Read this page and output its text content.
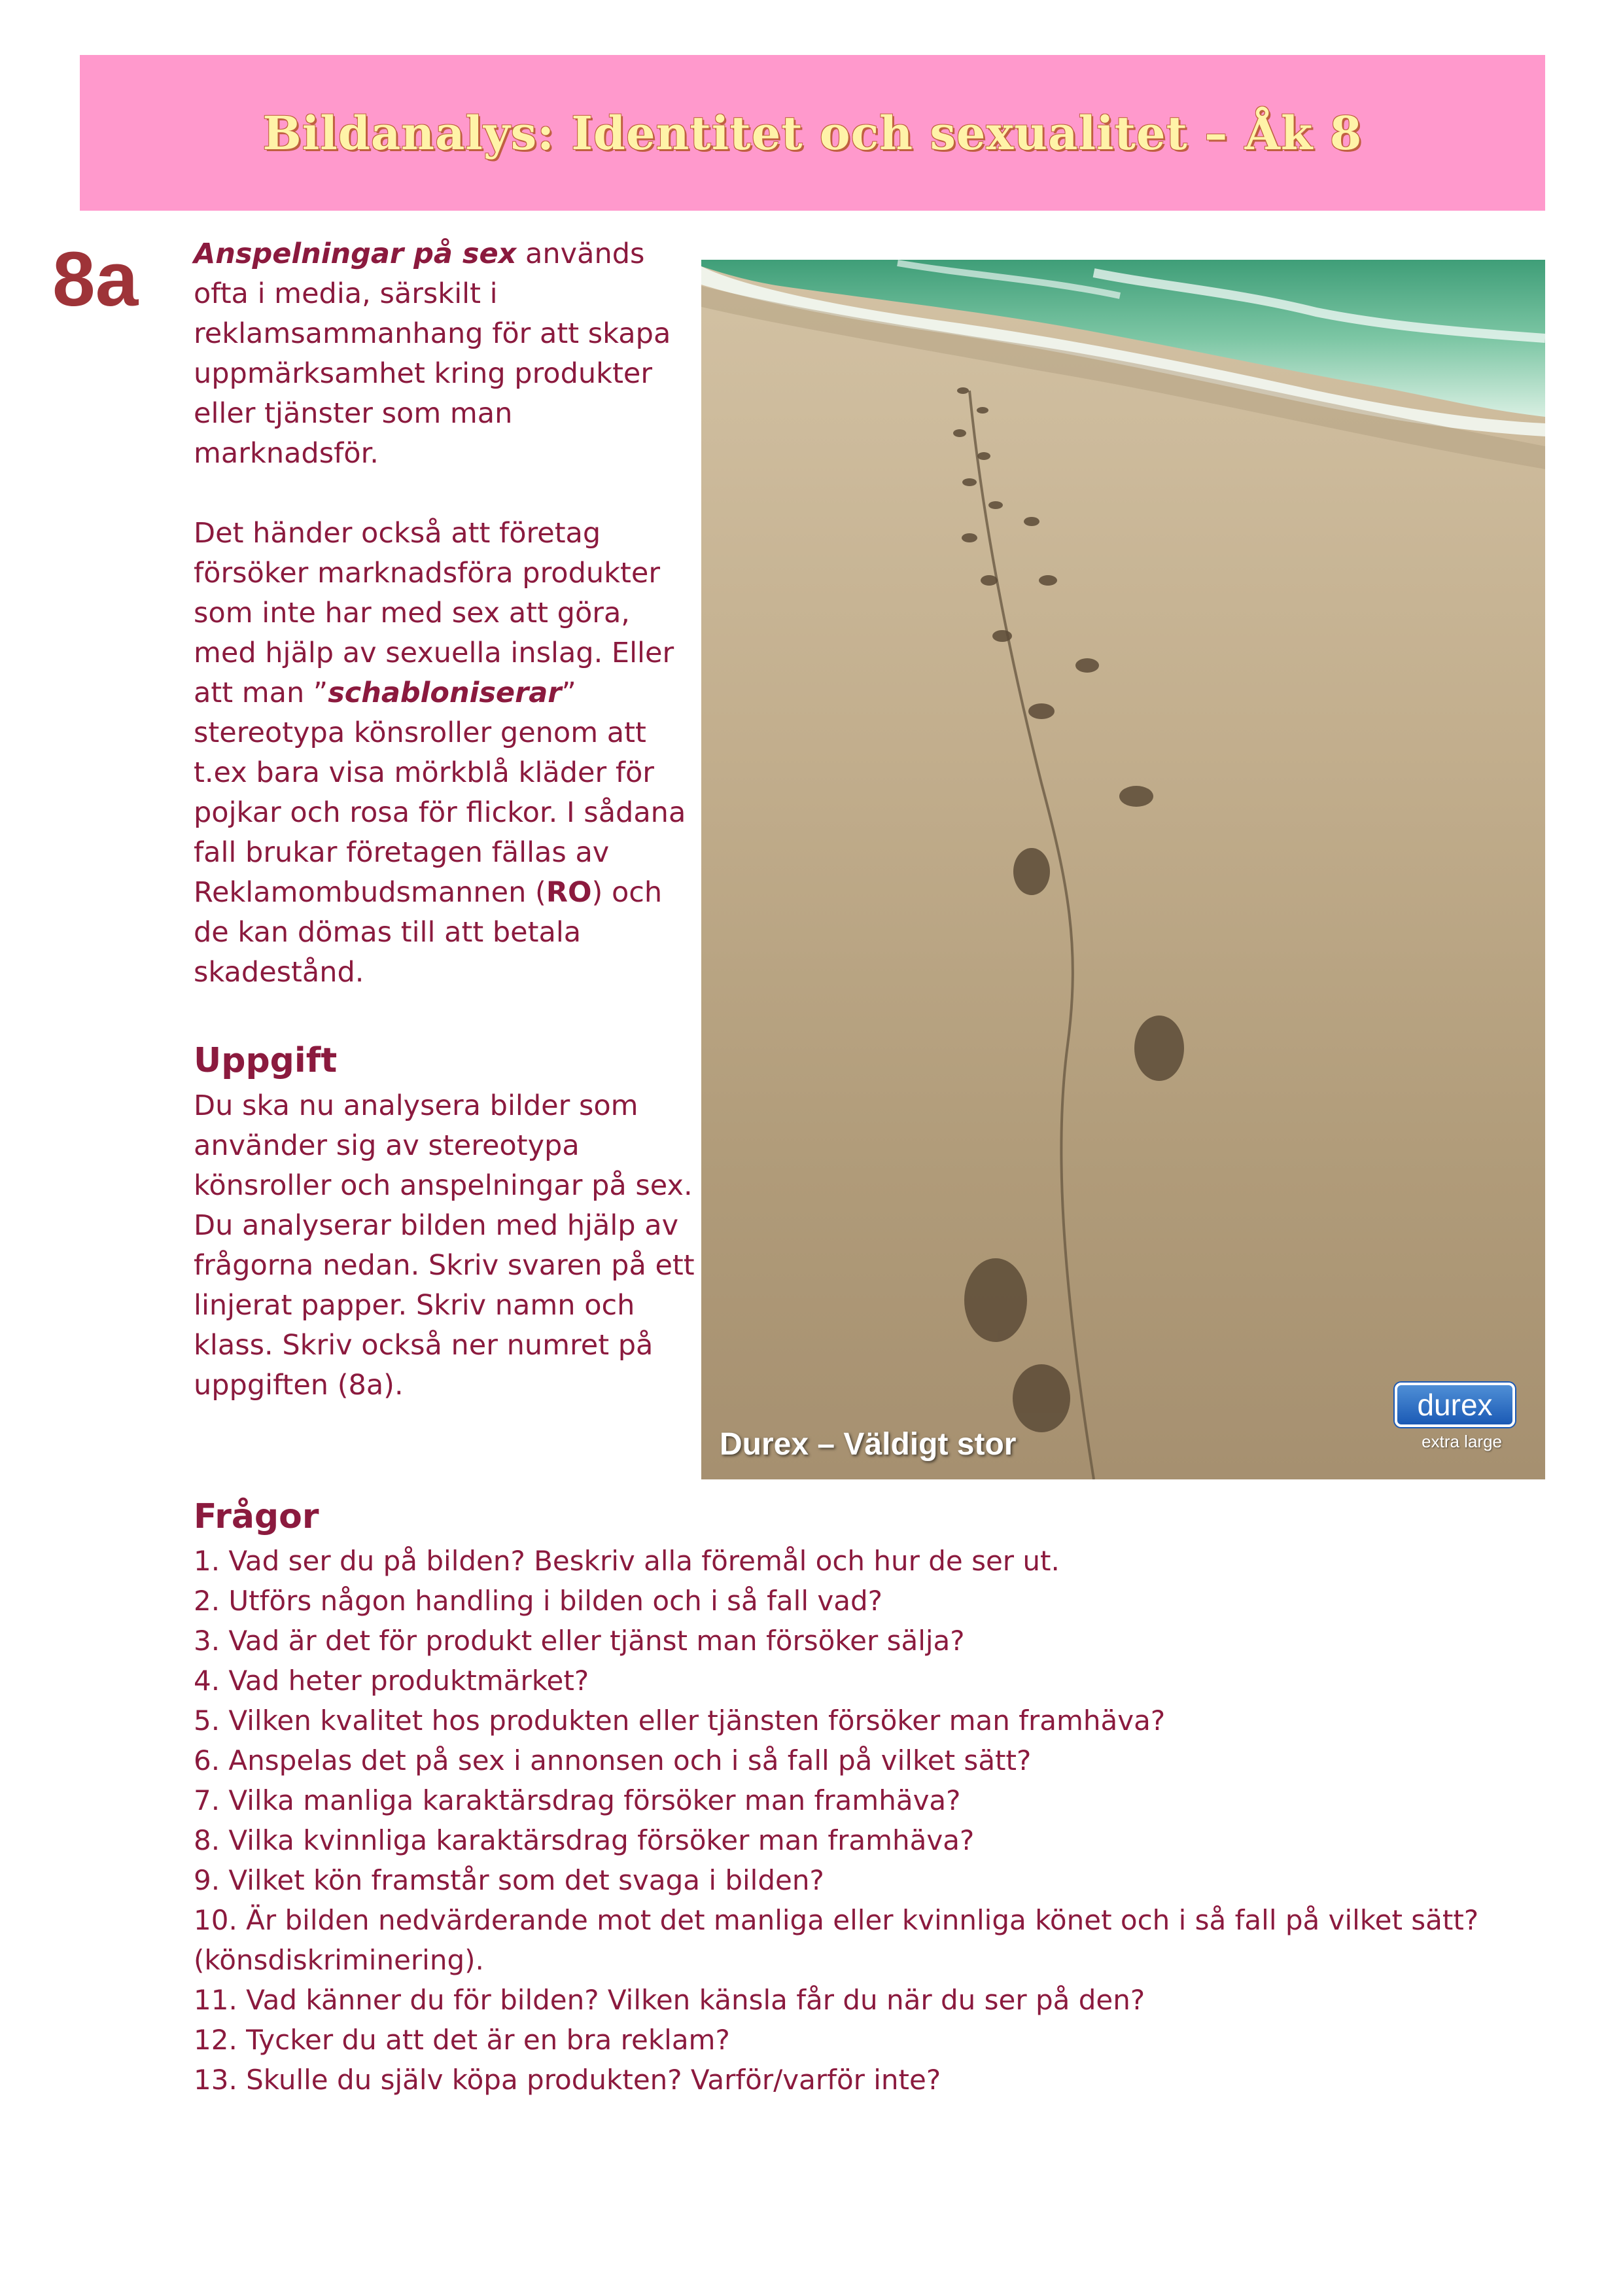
Bildanalys: Identitet och sexualitet – Åk 8
8a Anspelningar på sex används ofta i media, särskilt i reklamsammanhang för att skapa uppmärksamhet kring produkter eller tjänster som man marknadsför.

Det händer också att företag försöker marknadsföra produkter som inte har med sex att göra, med hjälp av sexuella inslag. Eller att man ”schabloniserar” stereotypa könsroller genom att t.ex bara visa mörkblå kläder för pojkar och rosa för flickor. I sådana fall brukar företagen fällas av Reklamombudsmannen (RO) och de kan dömas till att betala skadestånd.

Uppgift

Du ska nu analysera bilder som använder sig av stereotypa könsroller och anspelningar på sex. Du analyserar bilden med hjälp av frågorna nedan. Skriv svaren på ett linjerat papper. Skriv namn och klass. Skriv också ner numret på uppgiften (8a).

durex
extra large
Durex – Väldigt stor
Frågor
1. Vad ser du på bilden? Beskriv alla föremål och hur de ser ut.
2. Utförs någon handling i bilden och i så fall vad?
3. Vad är det för produkt eller tjänst man försöker sälja?
4. Vad heter produktmärket?
5. Vilken kvalitet hos produkten eller tjänsten försöker man framhäva?
6. Anspelas det på sex i annonsen och i så fall på vilket sätt?
7. Vilka manliga karaktärsdrag försöker man framhäva?
8. Vilka kvinnliga karaktärsdrag försöker man framhäva?
9. Vilket kön framstår som det svaga i bilden?
10. Är bilden nedvärderande mot det manliga eller kvinnliga könet och i så fall på vilket sätt? (könsdiskriminering).
11. Vad känner du för bilden? Vilken känsla får du när du ser på den?
12. Tycker du att det är en bra reklam?
13. Skulle du själv köpa produkten? Varför/varför inte?
